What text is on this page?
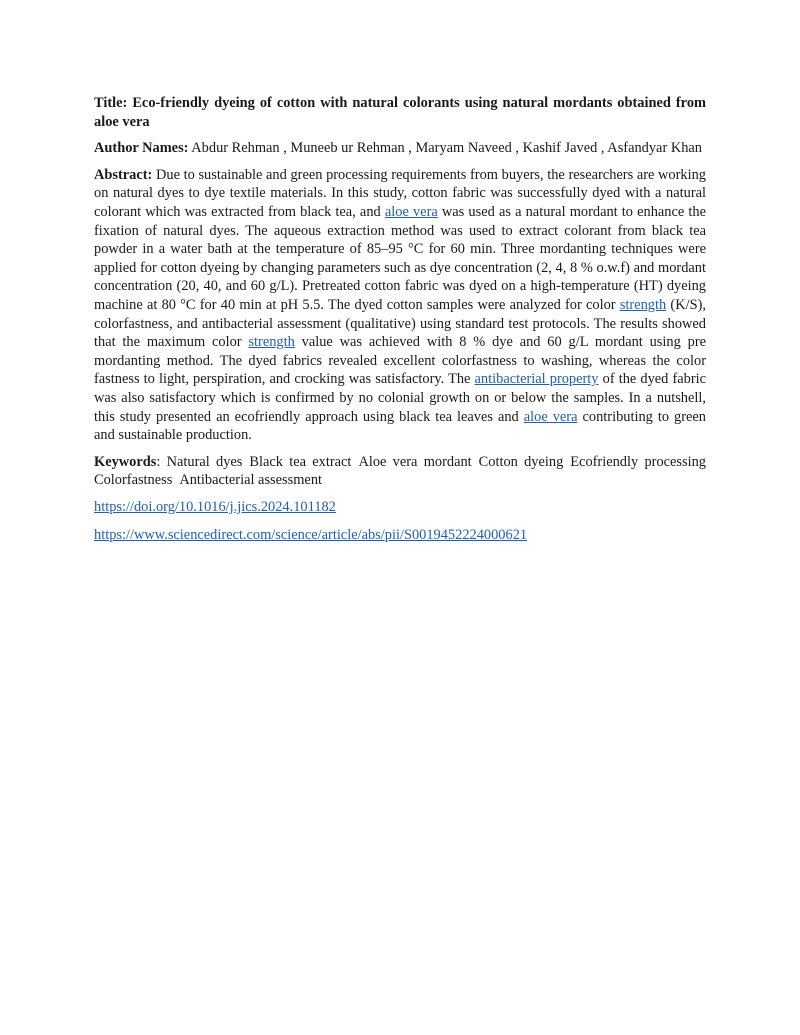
Title: Eco-friendly dyeing of cotton with natural colorants using natural mordants obtained from aloe vera

Author Names: Abdur Rehman , Muneeb ur Rehman , Maryam Naveed , Kashif Javed , Asfandyar Khan

Abstract: Due to sustainable and green processing requirements from buyers, the researchers are working on natural dyes to dye textile materials. In this study, cotton fabric was successfully dyed with a natural colorant which was extracted from black tea, and aloe vera was used as a natural mordant to enhance the fixation of natural dyes. The aqueous extraction method was used to extract colorant from black tea powder in a water bath at the temperature of 85–95 °C for 60 min. Three mordanting techniques were applied for cotton dyeing by changing parameters such as dye concentration (2, 4, 8 % o.w.f) and mordant concentration (20, 40, and 60 g/L). Pretreated cotton fabric was dyed on a high-temperature (HT) dyeing machine at 80 °C for 40 min at pH 5.5. The dyed cotton samples were analyzed for color strength (K/S), colorfastness, and antibacterial assessment (qualitative) using standard test protocols. The results showed that the maximum color strength value was achieved with 8 % dye and 60 g/L mordant using pre mordanting method. The dyed fabrics revealed excellent colorfastness to washing, whereas the color fastness to light, perspiration, and crocking was satisfactory. The antibacterial property of the dyed fabric was also satisfactory which is confirmed by no colonial growth on or below the samples. In a nutshell, this study presented an ecofriendly approach using black tea leaves and aloe vera contributing to green and sustainable production.

Keywords: Natural dyes Black tea extract Aloe vera mordant Cotton dyeing Ecofriendly processing Colorfastness Antibacterial assessment

https://doi.org/10.1016/j.jics.2024.101182

https://www.sciencedirect.com/science/article/abs/pii/S0019452224000621
